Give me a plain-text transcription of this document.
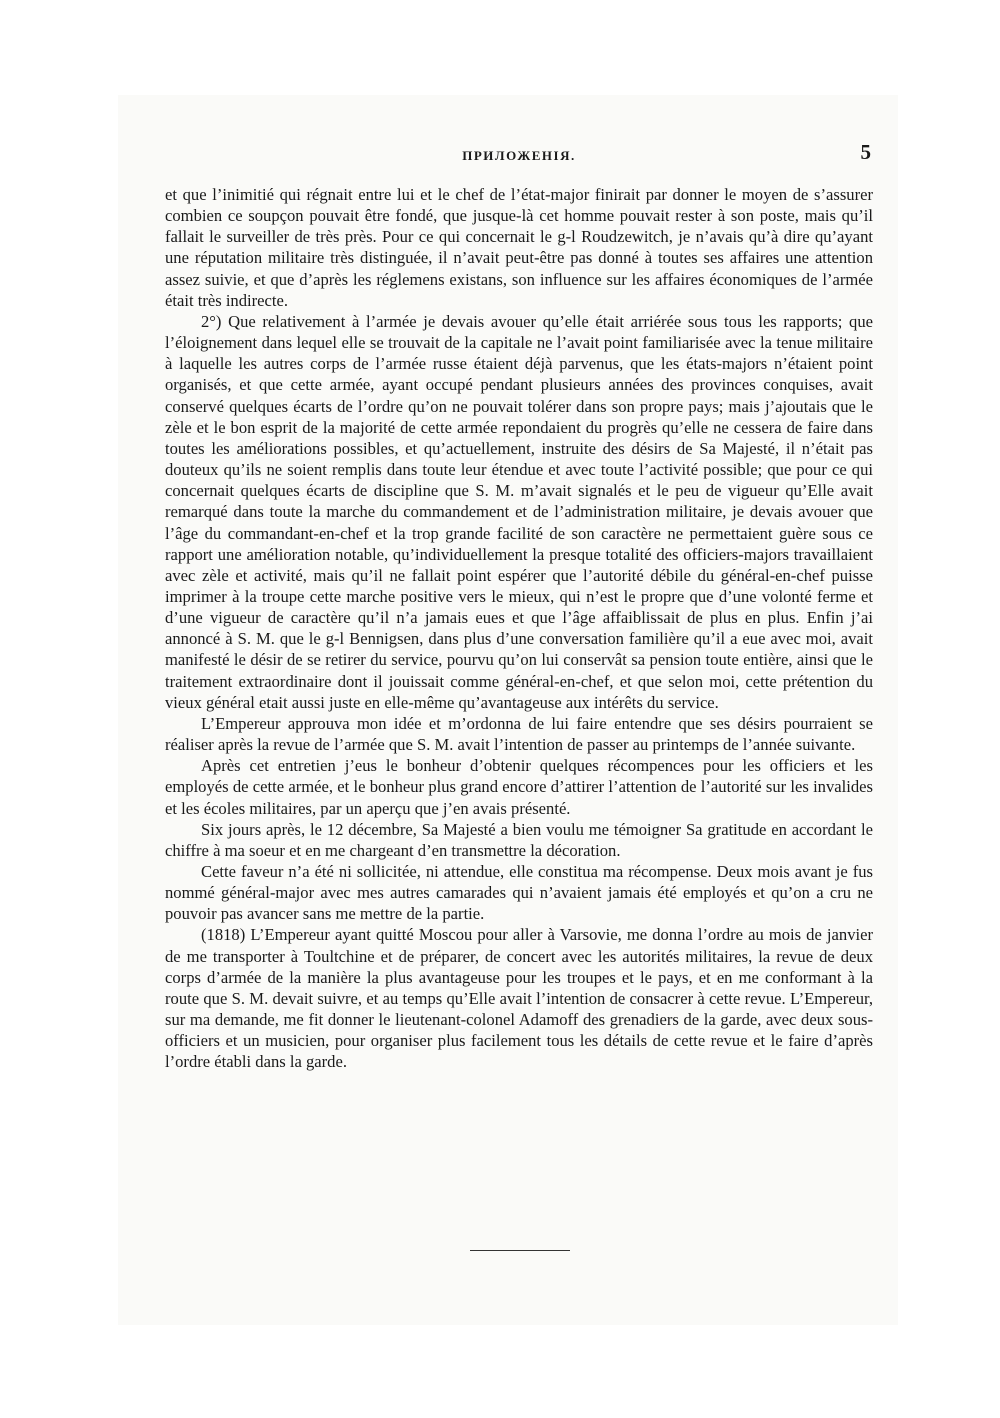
ПРИЛОЖЕНІЯ.	5

et que l’inimitié qui régnait entre lui et le chef de l’état-major finirait par donner le moyen de s’assurer combien ce soupçon pouvait être fondé, que jusque-là cet homme pouvait rester à son poste, mais qu’il fallait le surveiller de très près. Pour ce qui concernait le g-l Roudzewitch, je n’avais qu’à dire qu’ayant une réputation militaire très distinguée, il n’avait peut-être pas donné à toutes ses affaires une attention assez suivie, et que d’après les réglemens existans, son influence sur les affaires économiques de l’armée était très indirecte.

2°) Que relativement à l’armée je devais avouer qu’elle était arriérée sous tous les rapports; que l’éloignement dans lequel elle se trouvait de la capitale ne l’avait point familiarisée avec la tenue militaire à laquelle les autres corps de l’armée russe étaient déjà parvenus, que les états-majors n’étaient point organisés, et que cette armée, ayant occupé pendant plusieurs années des provinces conquises, avait conservé quelques écarts de l’ordre qu’on ne pouvait tolérer dans son propre pays; mais j’ajoutais que le zèle et le bon esprit de la majorité de cette armée repondaient du progrès qu’elle ne cessera de faire dans toutes les améliorations possibles, et qu’actuellement, instruite des désirs de Sa Majesté, il n’était pas douteux qu’ils ne soient remplis dans toute leur étendue et avec toute l’activité possible; que pour ce qui concernait quelques écarts de discipline que S. M. m’avait signalés et le peu de vigueur qu’Elle avait remarqué dans toute la marche du commandement et de l’administration militaire, je devais avouer que l’âge du commandant-en-chef et la trop grande facilité de son caractère ne permettaient guère sous ce rapport une amélioration notable, qu’individuellement la presque totalité des officiers-majors travaillaient avec zèle et activité, mais qu’il ne fallait point espérer que l’autorité débile du général-en-chef puisse imprimer à la troupe cette marche positive vers le mieux, qui n’est le propre que d’une volonté ferme et d’une vigueur de caractère qu’il n’a jamais eues et que l’âge affaiblissait de plus en plus. Enfin j’ai annoncé à S. M. que le g-l Bennigsen, dans plus d’une conversation familière qu’il a eue avec moi, avait manifesté le désir de se retirer du service, pourvu qu’on lui conservât sa pension toute entière, ainsi que le traitement extraordinaire dont il jouissait comme général-en-chef, et que selon moi, cette prétention du vieux général etait aussi juste en elle-même qu’avantageuse aux intérêts du service.

L’Empereur approuva mon idée et m’ordonna de lui faire entendre que ses désirs pourraient se réaliser après la revue de l’armée que S. M. avait l’intention de passer au printemps de l’année suivante.

Après cet entretien j’eus le bonheur d’obtenir quelques récompences pour les officiers et les employés de cette armée, et le bonheur plus grand encore d’attirer l’attention de l’autorité sur les invalides et les écoles militaires, par un aperçu que j’en avais présenté.

Six jours après, le 12 décembre, Sa Majesté a bien voulu me témoigner Sa gratitude en accordant le chiffre à ma soeur et en me chargeant d’en transmettre la décoration.

Cette faveur n’a été ni sollicitée, ni attendue, elle constitua ma récompense. Deux mois avant je fus nommé général-major avec mes autres camarades qui n’avaient jamais été employés et qu’on a cru ne pouvoir pas avancer sans me mettre de la partie.

(1818) L’Empereur ayant quitté Moscou pour aller à Varsovie, me donna l’ordre au mois de janvier de me transporter à Toultchine et de préparer, de concert avec les autorités militaires, la revue de deux corps d’armée de la manière la plus avantageuse pour les troupes et le pays, et en me conformant à la route que S. M. devait suivre, et au temps qu’Elle avait l’intention de consacrer à cette revue. L’Empereur, sur ma demande, me fit donner le lieutenant-colonel Adamoff des grenadiers de la garde, avec deux sous-officiers et un musicien, pour organiser plus facilement tous les détails de cette revue et le faire d’après l’ordre établi dans la garde.
